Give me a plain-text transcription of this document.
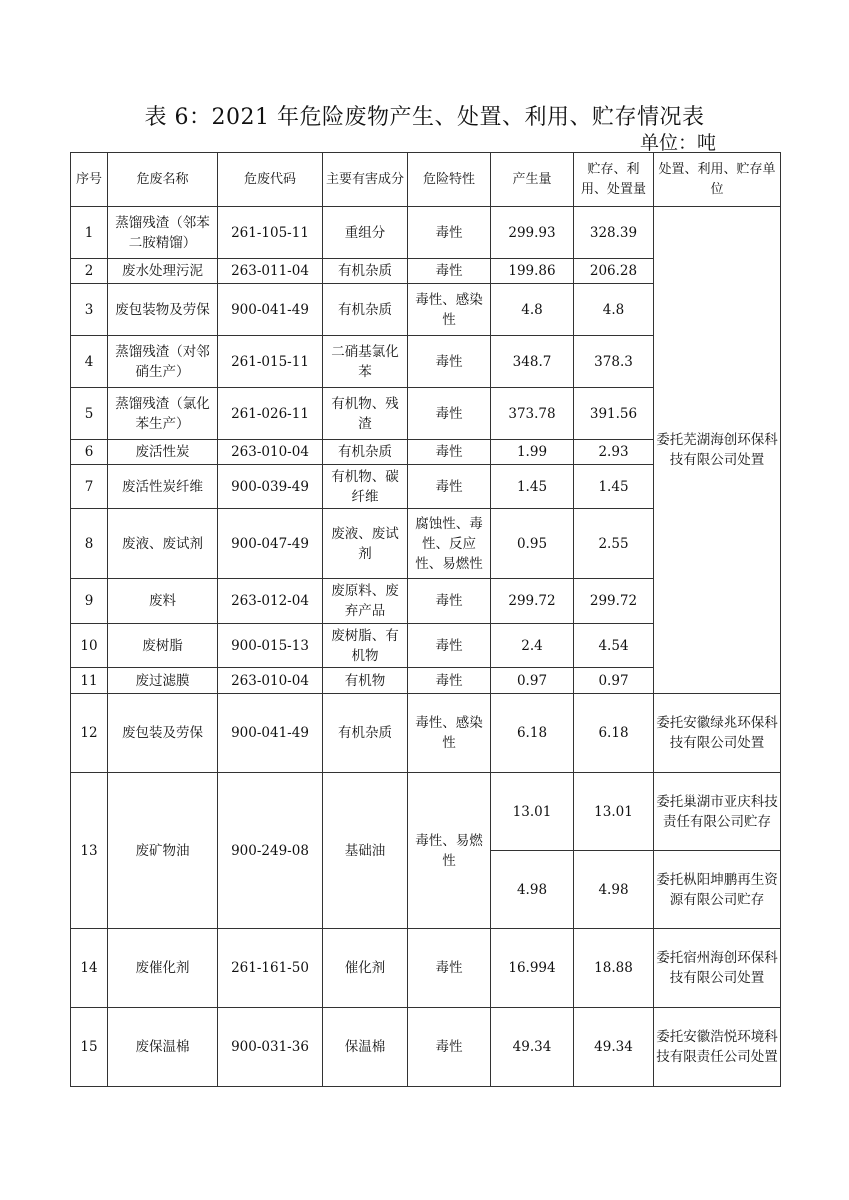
表 6：2021 年危险废物产生、处置、利用、贮存情况表
单位：吨
序号	危废名称	危废代码	主要有害成分	危险特性	产生量	贮存、利用、处置量	处置、利用、贮存单位
1	蒸馏残渣（邻苯二胺精馏）	261-105-11	重组分	毒性	299.93	328.39	委托芜湖海创环保科技有限公司处置
2	废水处理污泥	263-011-04	有机杂质	毒性	199.86	206.28	
3	废包装物及劳保	900-041-49	有机杂质	毒性、感染性	4.8	4.8	
4	蒸馏残渣（对邻硝生产）	261-015-11	二硝基氯化苯	毒性	348.7	378.3	
5	蒸馏残渣（氯化苯生产）	261-026-11	有机物、残渣	毒性	373.78	391.56	
6	废活性炭	263-010-04	有机杂质	毒性	1.99	2.93	
7	废活性炭纤维	900-039-49	有机物、碳纤维	毒性	1.45	1.45	
8	废液、废试剂	900-047-49	废液、废试剂	腐蚀性、毒性、反应性、易燃性	0.95	2.55	
9	废料	263-012-04	废原料、废弃产品	毒性	299.72	299.72	
10	废树脂	900-015-13	废树脂、有机物	毒性	2.4	4.54	
11	废过滤膜	263-010-04	有机物	毒性	0.97	0.97	
12	废包装及劳保	900-041-49	有机杂质	毒性、感染性	6.18	6.18	委托安徽绿兆环保科技有限公司处置
13	废矿物油	900-249-08	基础油	毒性、易燃性	13.01	13.01	委托巢湖市亚庆科技责任有限公司贮存
					4.98	4.98	委托枞阳坤鹏再生资源有限公司贮存
14	废催化剂	261-161-50	催化剂	毒性	16.994	18.88	委托宿州海创环保科技有限公司处置
15	废保温棉	900-031-36	保温棉	毒性	49.34	49.34	委托安徽浩悦环境科技有限责任公司处置
